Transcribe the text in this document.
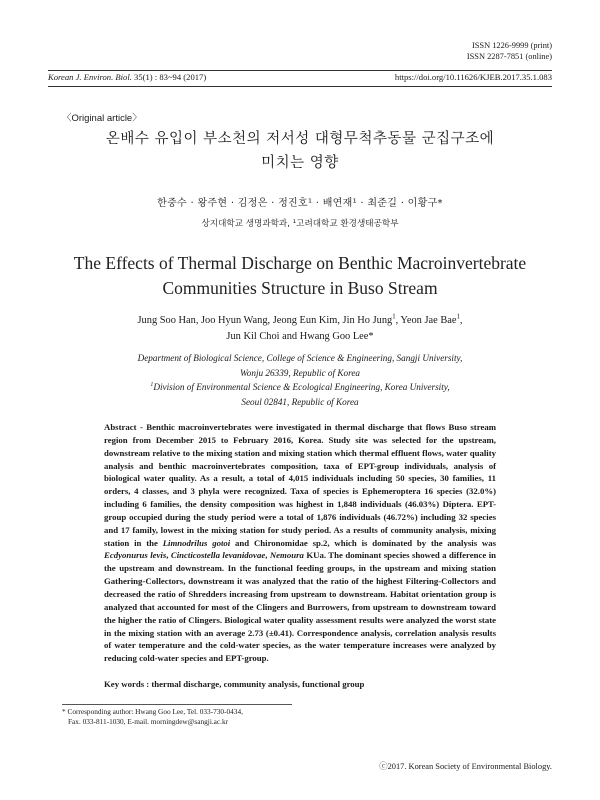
ISSN 1226-9999 (print)
ISSN 2287-7851 (online)
Korean J. Environ. Biol. 35(1) : 83~94 (2017)	https://doi.org/10.11626/KJEB.2017.35.1.083
〈Original article〉
온배수 유입이 부소천의 저서성 대형무척추동물 군집구조에
미치는 영향
한중수 · 왕주현 · 김정은 · 정진호¹ · 배연재¹ · 최준길 · 이황구*
상지대학교 생명과학과, ¹고려대학교 환경생태공학부
The Effects of Thermal Discharge on Benthic Macroinvertebrate
Communities Structure in Buso Stream
Jung Soo Han, Joo Hyun Wang, Jeong Eun Kim, Jin Ho Jung$^1$, Yeon Jae Bae$^1$,
Jun Kil Choi and Hwang Goo Lee*
Department of Biological Science, College of Science & Engineering, Sangji University,
Wonju 26339, Republic of Korea
$^1$Division of Environmental Science & Ecological Engineering, Korea University,
Seoul 02841, Republic of Korea
Abstract - Benthic macroinvertebrates were investigated in thermal discharge that flows Buso stream region from December 2015 to February 2016, Korea. Study site was selected for the upstream, downstream relative to the mixing station and mixing station which thermal effluent flows, water quality analysis and benthic macroinvertebrates composition, taxa of EPT-group individuals, analysis of biological water quality. As a result, a total of 4,015 individuals including 50 species, 30 families, 11 orders, 4 classes, and 3 phyla were recognized. Taxa of species is Ephemeroptera 16 species (32.0%) including 6 families, the density composition was highest in 1,848 individuals (46.03%) Diptera. EPT-group occupied during the study period were a total of 1,876 individuals (46.72%) including 32 species and 17 family, lowest in the mixing station for study period. As a results of community analysis, mixing station in the Limnodrilus gotoi and Chironomidae sp.2, which is dominated by the analysis was Ecdyonurus levis, Cincticostella levanidovae, Nemoura KUa. The dominant species showed a difference in the upstream and downstream. In the functional feeding groups, in the upstream and mixing station Gathering-Collectors, downstream it was analyzed that the ratio of the highest Filtering-Collectors and decreased the ratio of Shredders increasing from upstream to downstream. Habitat orientation group is analyzed that accounted for most of the Clingers and Burrowers, from upstream to downstream toward the higher the ratio of Clingers. Biological water quality assessment results were analyzed the worst state in the mixing station with an average 2.73 (±0.41). Correspondence analysis, correlation analysis results of water temperature and the cold-water species, as the water temperature increases were analyzed by reducing cold-water species and EPT-group.
Key words : thermal discharge, community analysis, functional group
* Corresponding author: Hwang Goo Lee, Tel. 033-730-0434,
Fax. 033-811-1030, E-mail. morningdew@sangji.ac.kr
ⓒ2017. Korean Society of Environmental Biology.
